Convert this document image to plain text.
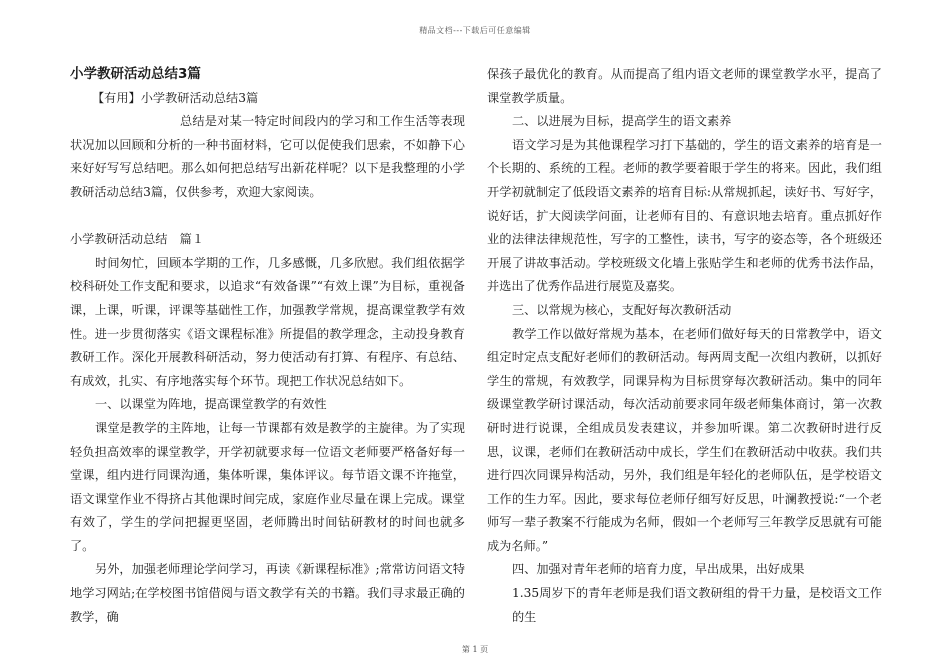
精品文档---下载后可任意编辑

小学教研活动总结3篇

【有用】小学教研活动总结3篇

总结是对某一特定时间段内的学习和工作生活等表现状况加以回顾和分析的一种书面材料，它可以促使我们思索，不如静下心来好好写写总结吧。那么如何把总结写出新花样呢？以下是我整理的小学教研活动总结3篇，仅供参考，欢迎大家阅读。

小学教研活动总结　篇１

时间匆忙，回顾本学期的工作，几多感慨，几多欣慰。我们组依据学校科研处工作支配和要求，以追求“有效备课”“有效上课”为目标，重视备课，上课，听课，评课等基础性工作，加强教学常规，提高课堂教学有效性。进一步贯彻落实《语文课程标准》所提倡的教学理念，主动投身教育教研工作。深化开展教科研活动，努力使活动有打算、有程序、有总结、有成效，扎实、有序地落实每个环节。现把工作状况总结如下。

一、以课堂为阵地，提高课堂教学的有效性

课堂是教学的主阵地，让每一节课都有效是教学的主旋律。为了实现轻负担高效率的课堂教学，开学初就要求每一位语文老师要严格备好每一堂课，组内进行同课沟通，集体听课，集体评议。每节语文课不许拖堂，语文课堂作业不得挤占其他课时间完成，家庭作业尽量在课上完成。课堂有效了，学生的学问把握更坚固，老师腾出时间钻研教材的时间也就多了。

另外，加强老师理论学问学习，再读《新课程标准》;常常访问语文特地学习网站;在学校图书馆借阅与语文教学有关的书籍。我们寻求最正确的教学，确

保孩子最优化的教育。从而提高了组内语文老师的课堂教学水平，提高了课堂教学质量。

二、以进展为目标，提高学生的语文素养

语文学习是为其他课程学习打下基础的，学生的语文素养的培育是一个长期的、系统的工程。老师的教学要着眼于学生的将来。因此，我们组开学初就制定了低段语文素养的培育目标:从常规抓起，读好书、写好字，说好话，扩大阅读学问面，让老师有目的、有意识地去培育。重点抓好作业的法律法律规范性，写字的工整性，读书，写字的姿态等，各个班级还开展了讲故事活动。学校班级文化墙上张贴学生和老师的优秀书法作品，并选出了优秀作品进行展览及嘉奖。

三、以常规为核心，支配好每次教研活动

教学工作以做好常规为基本，在老师们做好每天的日常教学中，语文组定时定点支配好老师们的教研活动。每两周支配一次组内教研，以抓好学生的常规，有效教学，同课异构为目标贯穿每次教研活动。集中的同年级课堂教学研讨课活动，每次活动前要求同年级老师集体商讨，第一次教研时进行说课，全组成员发表建议，并参加听课。第二次教研时进行反思，议课，老师们在教研活动中成长，学生们在教研活动中收获。我们共进行四次同课异构活动，另外，我们组是年轻化的老师队伍，是学校语文工作的生力军。因此，要求每位老师仔细写好反思，叶澜教授说:“一个老师写一辈子教案不行能成为名师，假如一个老师写三年教学反思就有可能成为名师。”

四、加强对青年老师的培育力度，早出成果，出好成果

1.35周岁下的青年老师是我们语文教研组的骨干力量，是校语文工作的生

第 1 页
